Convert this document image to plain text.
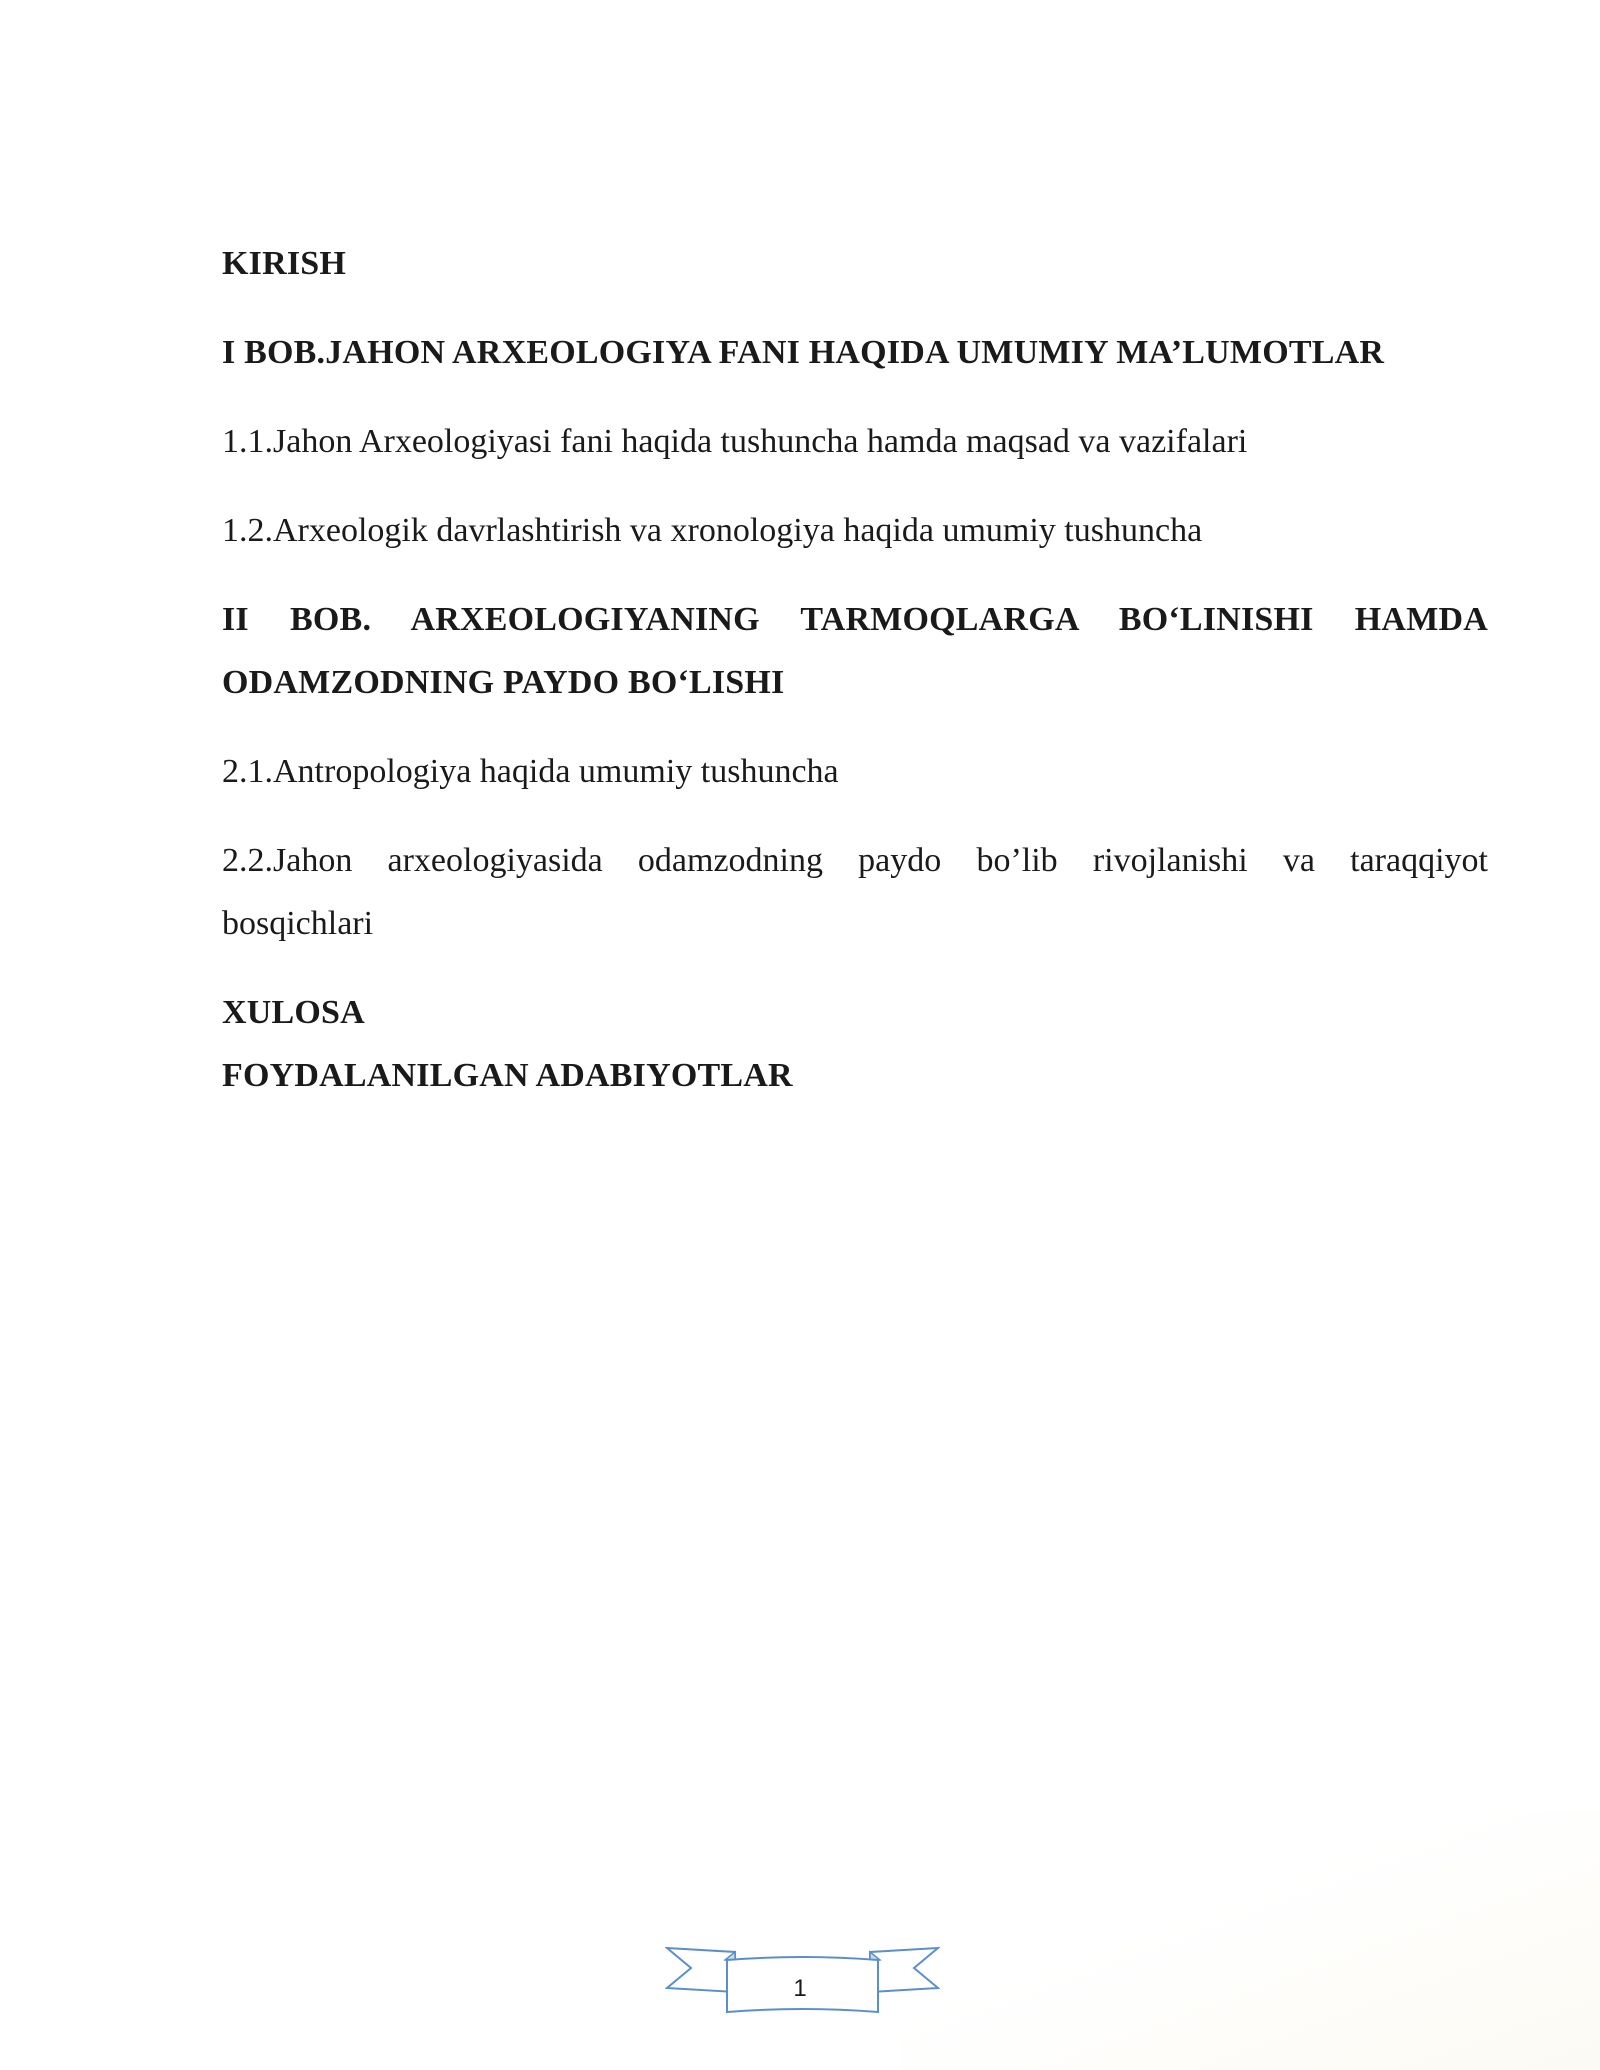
KIRISH

I BOB.JAHON ARXEOLOGIYA FANI HAQIDA UMUMIY MA’LUMOTLAR

1.1.Jahon Arxeologiyasi fani haqida tushuncha hamda maqsad va vazifalari

1.2.Arxeologik davrlashtirish va xronologiya haqida umumiy tushuncha

II BOB. ARXEOLOGIYANING TARMOQLARGA BO‘LINISHI HAMDA

ODAMZODNING PAYDO BO‘LISHI

2.1.Antropologiya haqida umumiy tushuncha

2.2.Jahon arxeologiyasida odamzodning paydo bo’lib rivojlanishi va taraqqiyot

bosqichlari

XULOSA

FOYDALANILGAN ADABIYOTLAR

1
